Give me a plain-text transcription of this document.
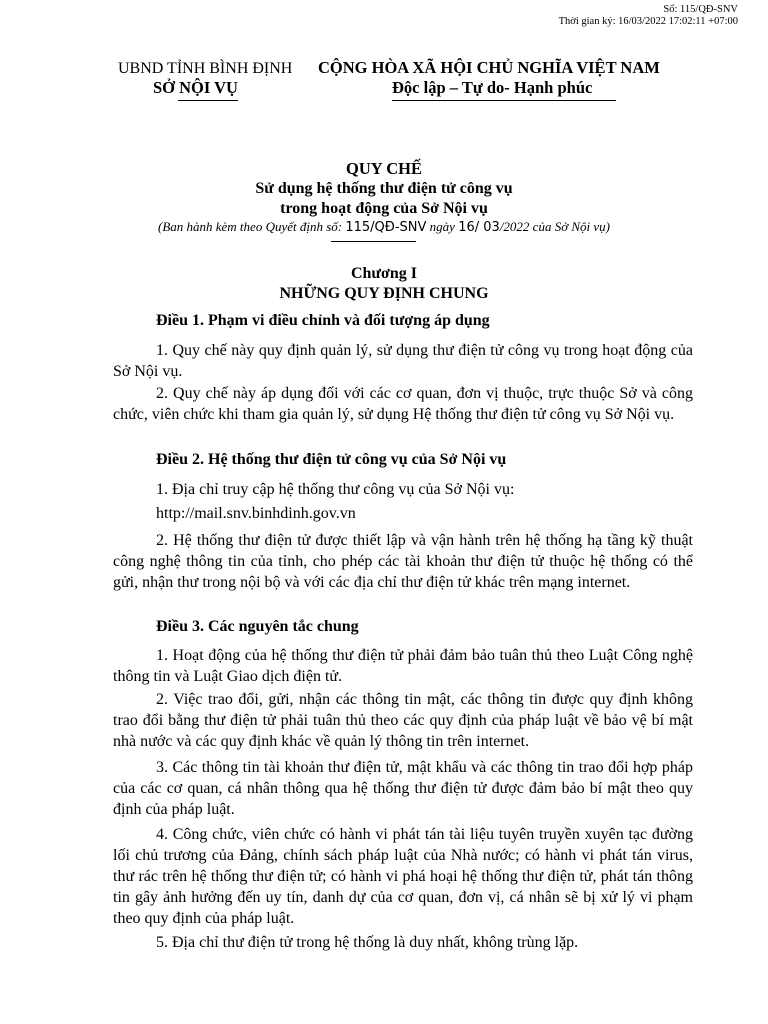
Số: 115/QĐ-SNV
Thời gian ký: 16/03/2022 17:02:11 +07:00
UBND TỈNH BÌNH ĐỊNH
SỞ NỘI VỤ
CỘNG HÒA XÃ HỘI CHỦ NGHĨA VIỆT NAM
Độc lập – Tự do- Hạnh phúc
QUY CHẾ
Sử dụng hệ thống thư điện tử công vụ
trong hoạt động của Sở Nội vụ
(Ban hành kèm theo Quyết định số: 115/QĐ-SNV ngày 16/ 03/2022 của Sở Nội vụ)
Chương I
NHỮNG QUY ĐỊNH CHUNG
Điều 1. Phạm vi điều chỉnh và đối tượng áp dụng
1. Quy chế này quy định quản lý, sử dụng thư điện tử công vụ trong hoạt động của Sở Nội vụ.
2. Quy chế này áp dụng đối với các cơ quan, đơn vị thuộc, trực thuộc Sở và công chức, viên chức khi tham gia quản lý, sử dụng Hệ thống thư điện tử công vụ Sở Nội vụ.
Điều 2. Hệ thống thư điện tử công vụ của Sở Nội vụ
1. Địa chỉ truy cập hệ thống thư công vụ của Sở Nội vụ:
http://mail.snv.binhdinh.gov.vn
2. Hệ thống thư điện tử được thiết lập và vận hành trên hệ thống hạ tầng kỹ thuật công nghệ thông tin của tỉnh, cho phép các tài khoản thư điện tử thuộc hệ thống có thể gửi, nhận thư trong nội bộ và với các địa chỉ thư điện tử khác trên mạng internet.
Điều 3. Các nguyên tắc chung
1. Hoạt động của hệ thống thư điện tử phải đảm bảo tuân thủ theo Luật Công nghệ thông tin và Luật Giao dịch điện tử.
2. Việc trao đổi, gửi, nhận các thông tin mật, các thông tin được quy định không trao đổi bằng thư điện tử phải tuân thủ theo các quy định của pháp luật về bảo vệ bí mật nhà nước và các quy định khác về quản lý thông tin trên internet.
3. Các thông tin tài khoản thư điện tử, mật khẩu và các thông tin trao đổi hợp pháp của các cơ quan, cá nhân thông qua hệ thống thư điện tử được đảm bảo bí mật theo quy định của pháp luật.
4. Công chức, viên chức có hành vi phát tán tài liệu tuyên truyền xuyên tạc đường lối chủ trương của Đảng, chính sách pháp luật của Nhà nước; có hành vi phát tán virus, thư rác trên hệ thống thư điện tử; có hành vi phá hoại hệ thống thư điện tử, phát tán thông tin gây ảnh hưởng đến uy tín, danh dự của cơ quan, đơn vị, cá nhân sẽ bị xử lý vi phạm theo quy định của pháp luật.
5. Địa chỉ thư điện tử trong hệ thống là duy nhất, không trùng lặp.
